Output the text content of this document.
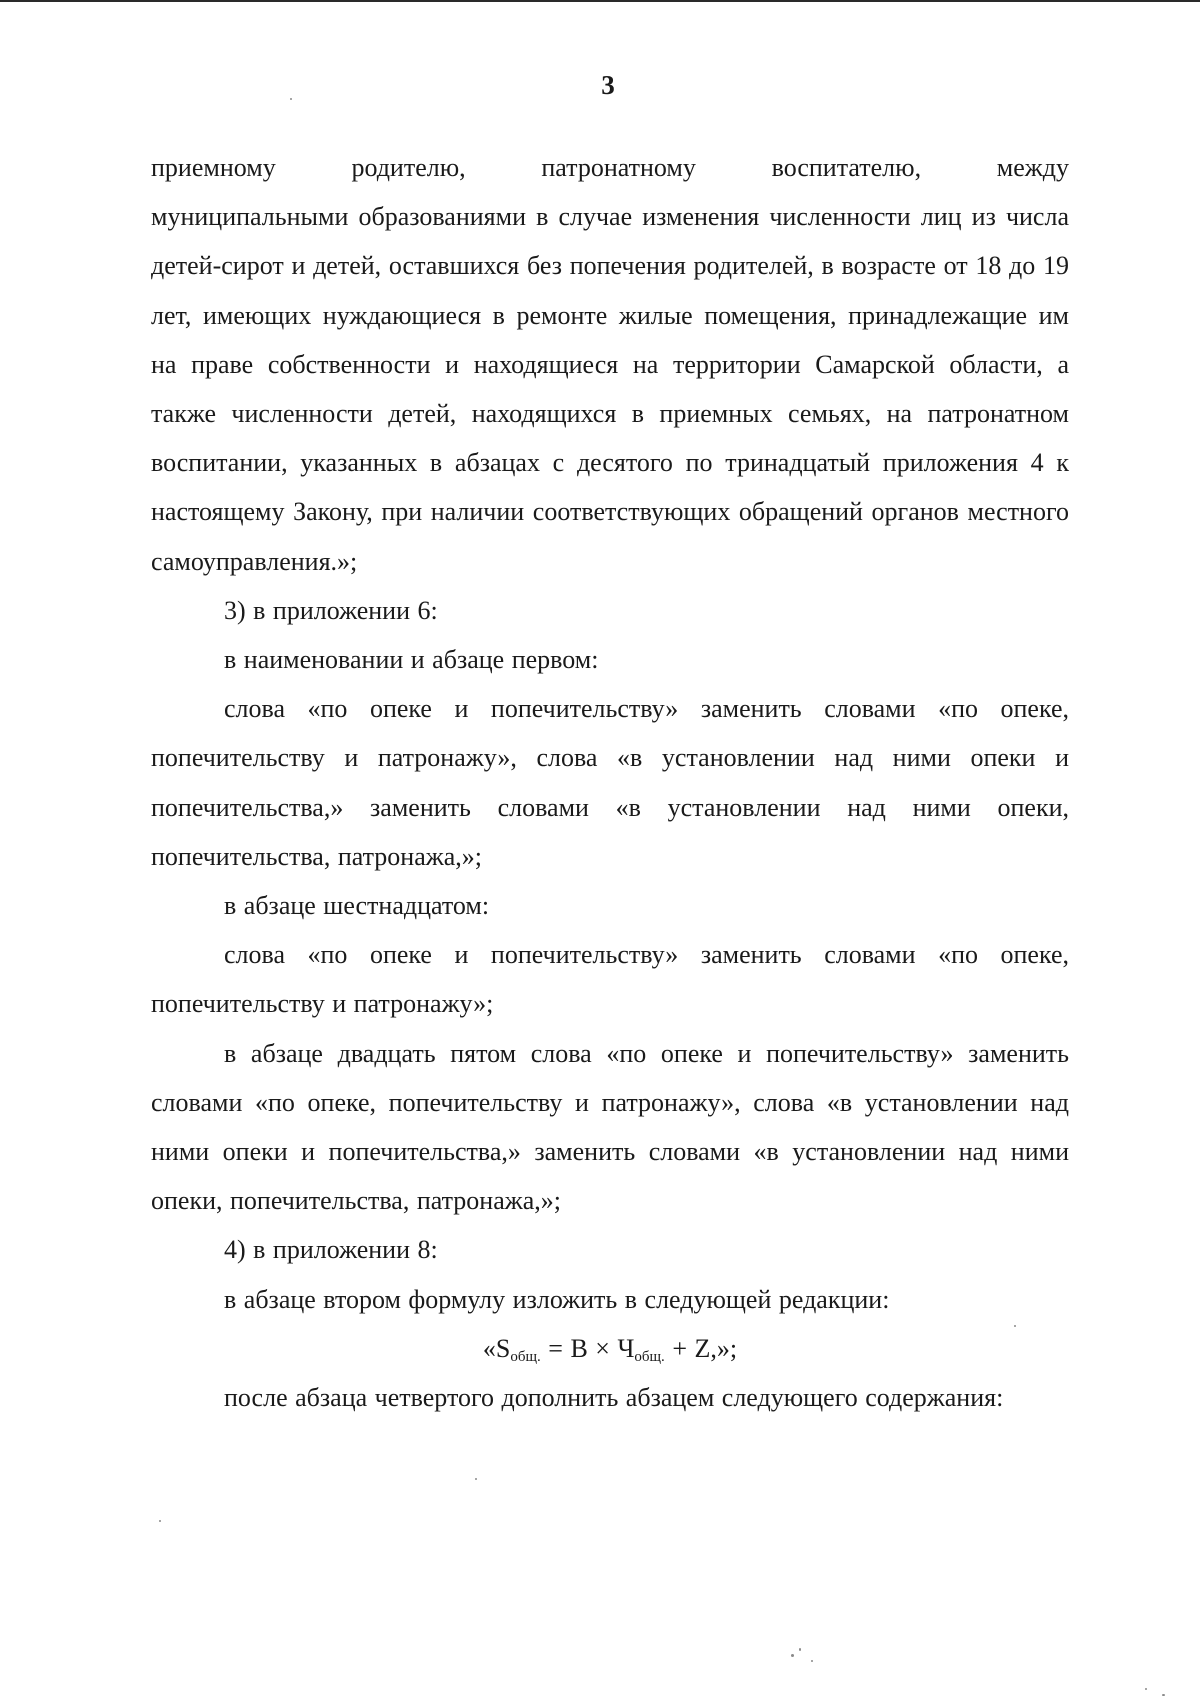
3

приемному родителю, патронатному воспитателю, между

муниципальными образованиями в случае изменения численности лиц из числа детей-сирот и детей, оставшихся без попечения родителей, в возрасте от 18 до 19 лет, имеющих нуждающиеся в ремонте жилые помещения, принадлежащие им на праве собственности и находящиеся на территории Самарской области, а также численности детей, находящихся в приемных семьях, на патронатном воспитании, указанных в абзацах с десятого по тринадцатый приложения 4 к настоящему Закону, при наличии соответствующих обращений органов местного самоуправления.»;

3) в приложении 6:

в наименовании и абзаце первом:

слова «по опеке и попечительству» заменить словами «по опеке, попечительству и патронажу», слова «в установлении над ними опеки и попечительства,» заменить словами «в установлении над ними опеки, попечительства, патронажа,»;

в абзаце шестнадцатом:

слова «по опеке и попечительству» заменить словами «по опеке, попечительству и патронажу»;

в абзаце двадцать пятом слова «по опеке и попечительству» заменить словами «по опеке, попечительству и патронажу», слова «в установлении над ними опеки и попечительства,» заменить словами «в установлении над ними опеки, попечительства, патронажа,»;

4) в приложении 8:

в абзаце втором формулу изложить в следующей редакции:

«$S_{общ.} = В \times Ч_{общ.} + Z$,»;

после абзаца четвертого дополнить абзацем следующего содержания:
